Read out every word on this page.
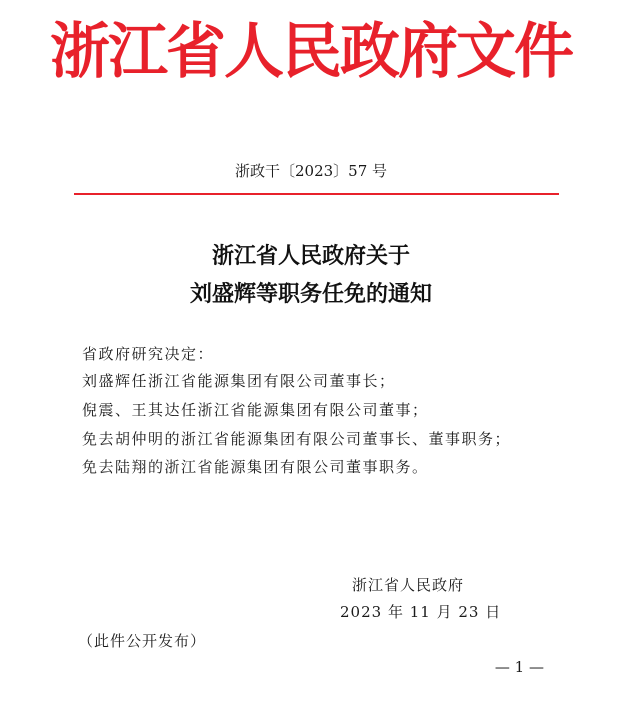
浙江省人民政府文件
浙政干〔2023〕57 号
浙江省人民政府关于
刘盛辉等职务任免的通知
省政府研究决定：
刘盛辉任浙江省能源集团有限公司董事长；
倪震、王其达任浙江省能源集团有限公司董事；
免去胡仲明的浙江省能源集团有限公司董事长、董事职务；
免去陆翔的浙江省能源集团有限公司董事职务。
浙江省人民政府
2023 年 11 月 23 日
（此件公开发布）
— 1 —
